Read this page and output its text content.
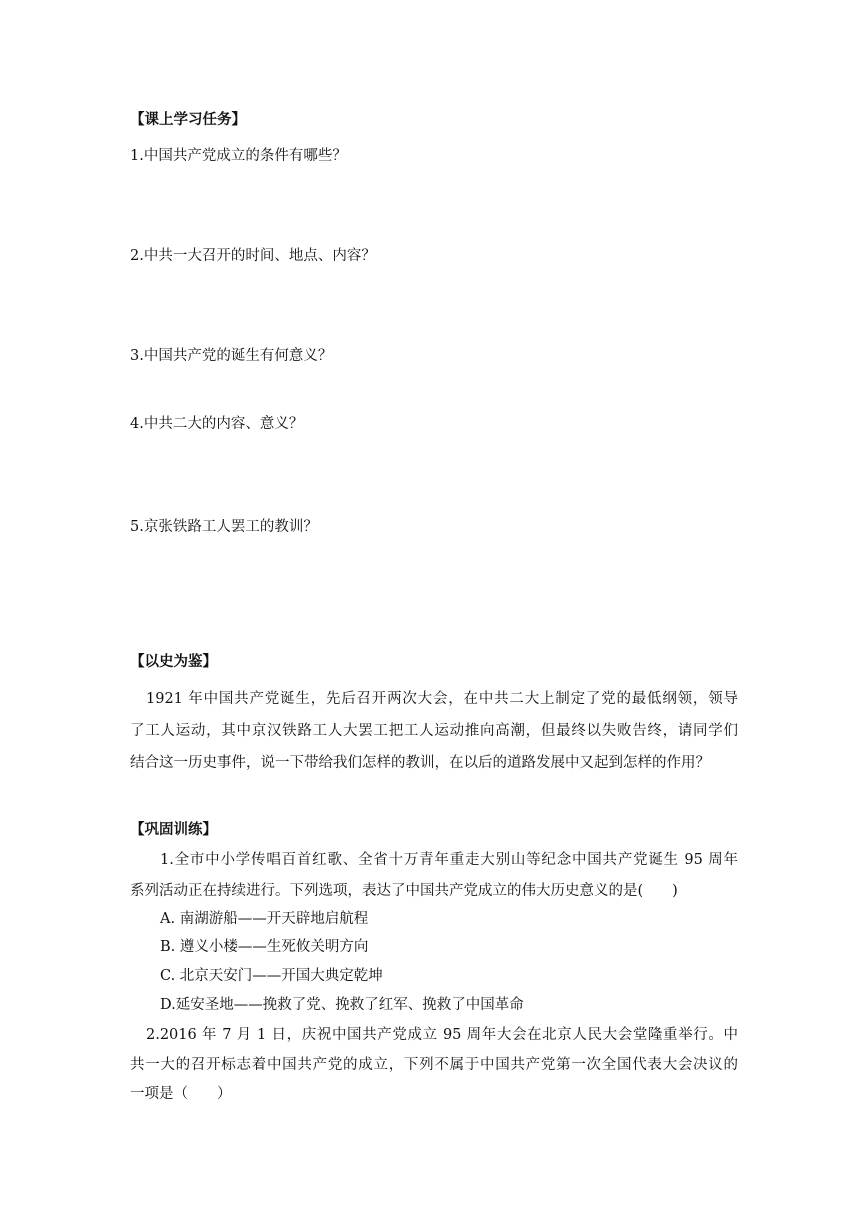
【课上学习任务】
1.中国共产党成立的条件有哪些？
2.中共一大召开的时间、地点、内容？
3.中国共产党的诞生有何意义？
4.中共二大的内容、意义？
5.京张铁路工人罢工的教训？
【以史为鉴】
1921 年中国共产党诞生，先后召开两次大会，在中共二大上制定了党的最低纲领，领导
了工人运动，其中京汉铁路工人大罢工把工人运动推向高潮，但最终以失败告终，请同学们
结合这一历史事件，说一下带给我们怎样的教训，在以后的道路发展中又起到怎样的作用？
【巩固训练】
1.全市中小学传唱百首红歌、全省十万青年重走大别山等纪念中国共产党诞生 95 周年
系列活动正在持续进行。下列选项，表达了中国共产党成立的伟大历史意义的是(　　)
A. 南湖游船——开天辟地启航程
B. 遵义小楼——生死攸关明方向
C. 北京天安门——开国大典定乾坤
D.延安圣地——挽救了党、挽救了红军、挽救了中国革命
2.2016 年 7 月 1 日，庆祝中国共产党成立 95 周年大会在北京人民大会堂隆重举行。中
共一大的召开标志着中国共产党的成立，下列不属于中国共产党第一次全国代表大会决议的
一项是（　　）
